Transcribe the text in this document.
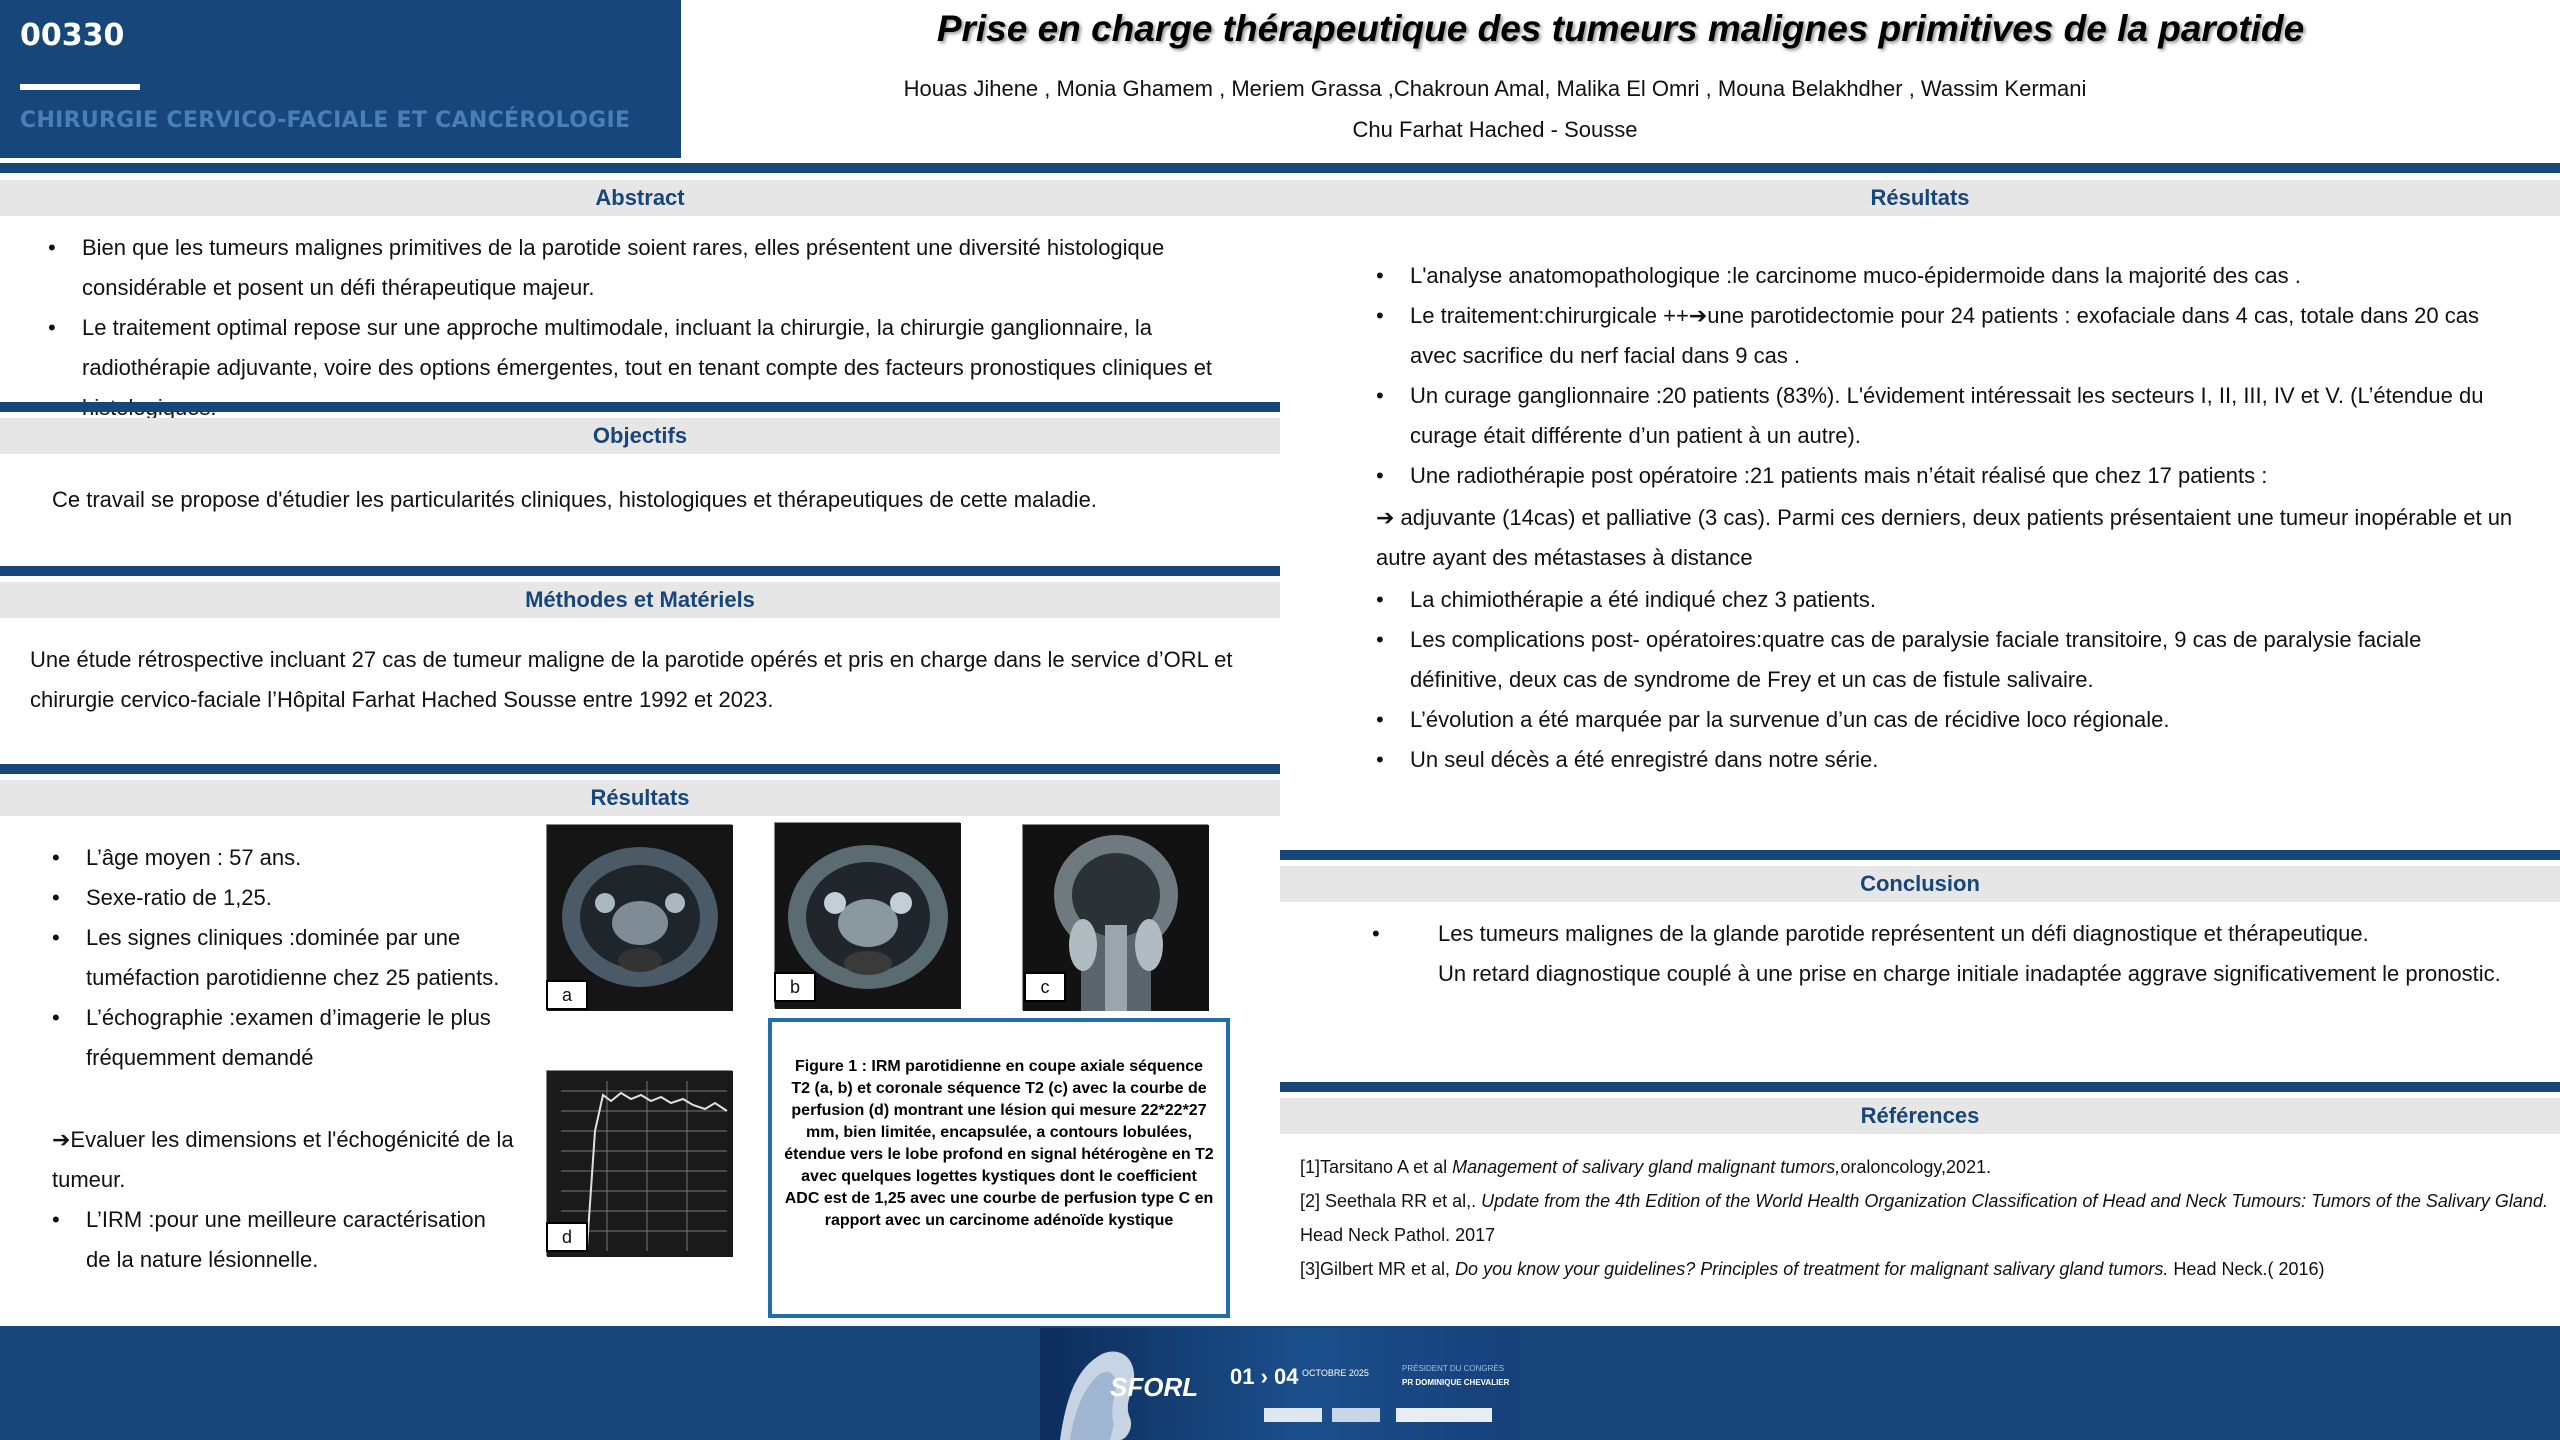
00330
CHIRURGIE CERVICO-FACIALE ET CANCÉROLOGIE
Prise en charge thérapeutique des tumeurs malignes primitives de la parotide
Houas Jihene , Monia Ghamem , Meriem Grassa ,Chakroun Amal, Malika El Omri , Mouna Belakhdher , Wassim Kermani
Chu Farhat Hached - Sousse
Abstract
• Bien que les tumeurs malignes primitives de la parotide soient rares, elles présentent une diversité histologique considérable et posent un défi thérapeutique majeur.
• Le traitement optimal repose sur une approche multimodale, incluant la chirurgie, la chirurgie ganglionnaire, la radiothérapie adjuvante, voire des options émergentes, tout en tenant compte des facteurs pronostiques cliniques et
Objectifs
Ce travail se propose d'étudier les particularités cliniques, histologiques et thérapeutiques de cette maladie.
Méthodes et Matériels
Une étude rétrospective incluant 27 cas de tumeur maligne de la parotide opérés et pris en charge dans le service d’ORL et chirurgie cervico-faciale l’Hôpital Farhat Hached Sousse entre 1992 et 2023.
Résultats
• L’âge moyen : 57 ans.
• Sexe-ratio de 1,25.
• Les signes cliniques :dominée par une tuméfaction parotidienne chez 25 patients.
• L’échographie :examen d’imagerie le plus fréquemment demandé
➔Evaluer les dimensions et l'échogénicité de la tumeur.
• L’IRM :pour une meilleure caractérisation de la nature lésionnelle.
a	b	c
d
Figure 1 : IRM parotidienne en coupe axiale séquence T2 (a, b) et coronale séquence T2 (c) avec la courbe de perfusion (d) montrant une lésion qui mesure 22*22*27 mm, bien limitée, encapsulée, a contours lobulées, étendue vers le lobe profond en signal hétérogène en T2 avec quelques logettes kystiques dont le coefficient ADC est de 1,25 avec une courbe de perfusion type C en rapport avec un carcinome adénoïde kystique
Résultats
• L'analyse anatomopathologique :le carcinome muco-épidermoide dans la majorité des cas .
• Le traitement:chirurgicale ++➔une parotidectomie pour 24 patients : exofaciale dans 4 cas, totale dans 20 cas avec sacrifice du nerf facial dans 9 cas .
• Un curage ganglionnaire :20 patients (83%). L'évidement intéressait les secteurs I, II, III, IV et V. (L’étendue du curage était différente d’un patient à un autre).
• Une radiothérapie post opératoire :21 patients mais n’était réalisé que chez 17 patients :
➔ adjuvante (14cas) et palliative (3 cas). Parmi ces derniers, deux patients présentaient une tumeur inopérable et un autre ayant des métastases à distance
• La chimiothérapie a été indiqué chez 3 patients.
• Les complications post- opératoires:quatre cas de paralysie faciale transitoire, 9 cas de paralysie faciale définitive, deux cas de syndrome de Frey et un cas de fistule salivaire.
• L’évolution a été marquée par la survenue d’un cas de récidive loco régionale.
• Un seul décès a été enregistré dans notre série.
Conclusion
•	Les tumeurs malignes de la glande parotide représentent un défi diagnostique et thérapeutique.
Un retard diagnostique couplé à une prise en charge initiale inadaptée aggrave significativement le pronostic.
Références
[1]Tarsitano A et al Management of salivary gland malignant tumors,oraloncology,2021.
[2] Seethala RR et al,. Update from the 4th Edition of the World Health Organization Classification of Head and Neck Tumours: Tumors of the Salivary Gland. Head Neck Pathol. 2017
[3]Gilbert MR et al, Do you know your guidelines? Principles of treatment for malignant salivary gland tumors. Head Neck.( 2016)
SFORL 01 › 04 OCTOBRE 2025	PRÉSIDENT DU CONGRÈS
PR DOMINIQUE CHEVALIER
